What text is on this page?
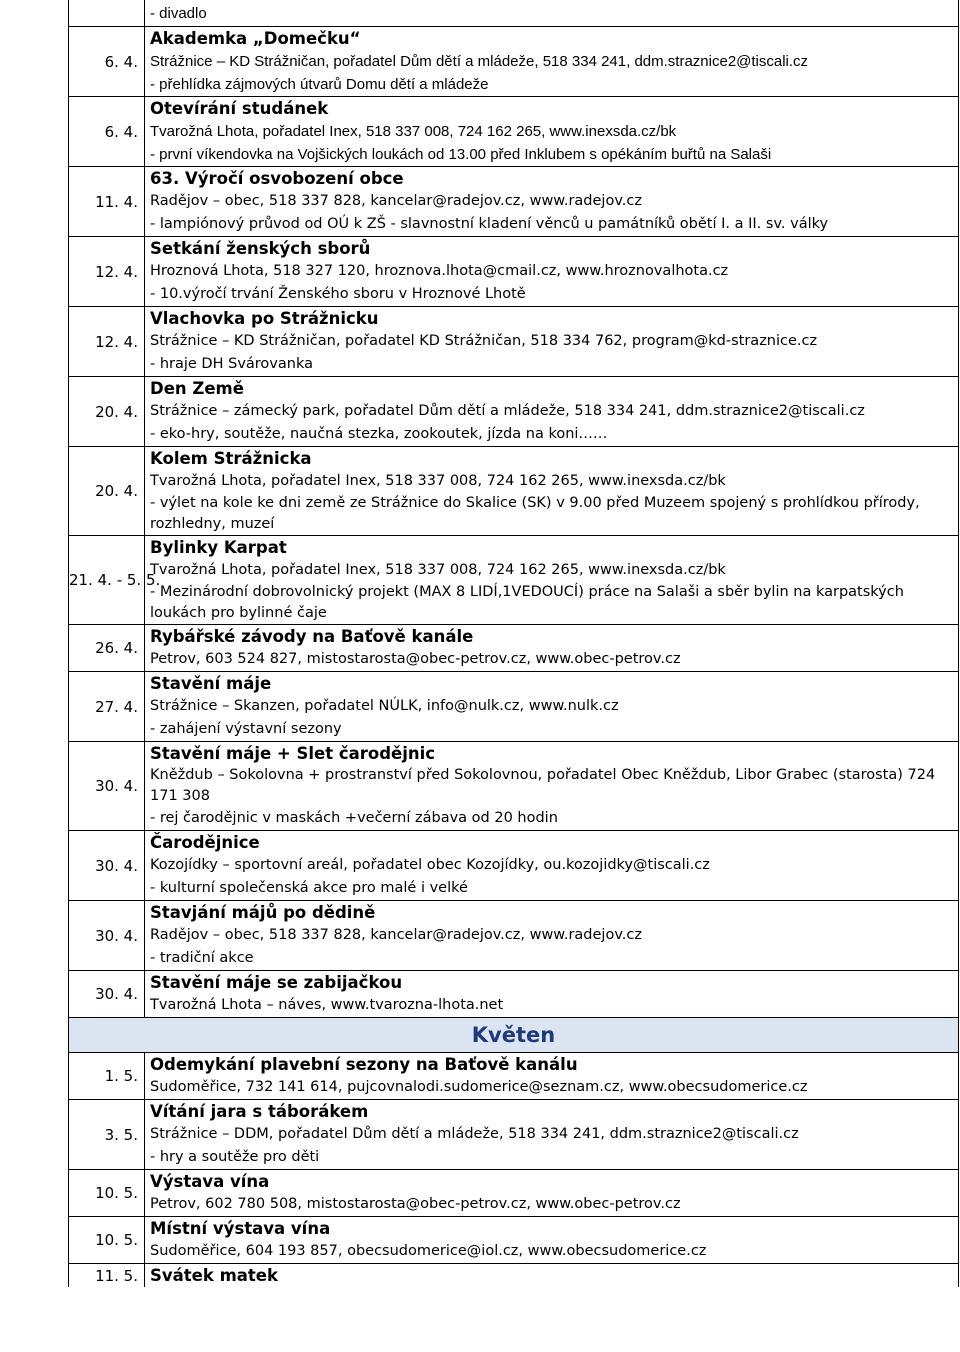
	- divadlo

6. 4.	Akademka „Domečku“
Strážnice – KD Strážničan, pořadatel Dům dětí a mládeže, 518 334 241, ddm.straznice2@tiscali.cz
- přehlídka zájmových útvarů Domu dětí a mládeže

6. 4.	Otevírání studánek
Tvarožná Lhota, pořadatel Inex, 518 337 008, 724 162 265, www.inexsda.cz/bk
- první víkendovka na Vojšických loukách od 13.00 před Inklubem s opékáním buřtů na Salaši

11. 4.	63. Výročí osvobození obce
Radějov – obec, 518 337 828, kancelar@radejov.cz, www.radejov.cz
- lampiónový průvod od OÚ k ZŠ - slavnostní kladení věnců u památníků obětí I. a II. sv. války

12. 4.	Setkání ženských sborů
Hroznová Lhota, 518 327 120, hroznova.lhota@cmail.cz, www.hroznovalhota.cz
- 10.výročí trvání Ženského sboru v Hroznové Lhotě

12. 4.	Vlachovka po Strážnicku
Strážnice – KD Strážničan, pořadatel KD Strážničan, 518 334 762, program@kd-straznice.cz
- hraje DH Svárovanka

20. 4.	Den Země
Strážnice – zámecký park, pořadatel Dům dětí a mládeže, 518 334 241, ddm.straznice2@tiscali.cz
- eko-hry, soutěže, naučná stezka, zookoutek, jízda na koni……

20. 4.	Kolem Strážnicka
Tvarožná Lhota, pořadatel Inex, 518 337 008, 724 162 265, www.inexsda.cz/bk
- výlet na kole ke dni země ze Strážnice do Skalice (SK) v 9.00 před Muzeem spojený s prohlídkou přírody, rozhledny, muzeí

21. 4. - 5. 5.	Bylinky Karpat
Tvarožná Lhota, pořadatel Inex, 518 337 008, 724 162 265, www.inexsda.cz/bk
- Mezinárodní dobrovolnický projekt (MAX 8 LIDÍ,1VEDOUCÍ) práce na Salaši a sběr bylin na karpatských loukách pro bylinné čaje

26. 4.	Rybářské závody na Baťově kanále
Petrov, 603 524 827, mistostarosta@obec-petrov.cz, www.obec-petrov.cz

27. 4.	Stavění máje
Strážnice – Skanzen, pořadatel NÚLK, info@nulk.cz, www.nulk.cz
- zahájení výstavní sezony

30. 4.	Stavění máje + Slet čarodějnic
Kněždub – Sokolovna + prostranství před Sokolovnou, pořadatel Obec Kněždub, Libor Grabec (starosta) 724 171 308
- rej čarodějnic v maskách +večerní zábava od 20 hodin

30. 4.	Čarodějnice
Kozojídky – sportovní areál, pořadatel obec Kozojídky, ou.kozojidky@tiscali.cz
- kulturní společenská akce pro malé i velké

30. 4.	Stavjání májů po dědině
Radějov – obec, 518 337 828, kancelar@radejov.cz, www.radejov.cz
- tradiční akce

30. 4.	Stavění máje se zabijačkou
Tvarožná Lhota – náves, www.tvarozna-lhota.net

Květen	
1. 5.	Odemykání plavební sezony na Baťově kanálu
Sudoměřice, 732 141 614, pujcovnalodi.sudomerice@seznam.cz, www.obecsudomerice.cz

3. 5.	Vítání jara s táborákem
Strážnice – DDM, pořadatel Dům dětí a mládeže, 518 334 241, ddm.straznice2@tiscali.cz
- hry a soutěže pro děti

10. 5.	Výstava vína
Petrov, 602 780 508, mistostarosta@obec-petrov.cz, www.obec-petrov.cz

10. 5.	Místní výstava vína
Sudoměřice, 604 193 857, obecsudomerice@iol.cz, www.obecsudomerice.cz

11. 5.	Svátek matek
